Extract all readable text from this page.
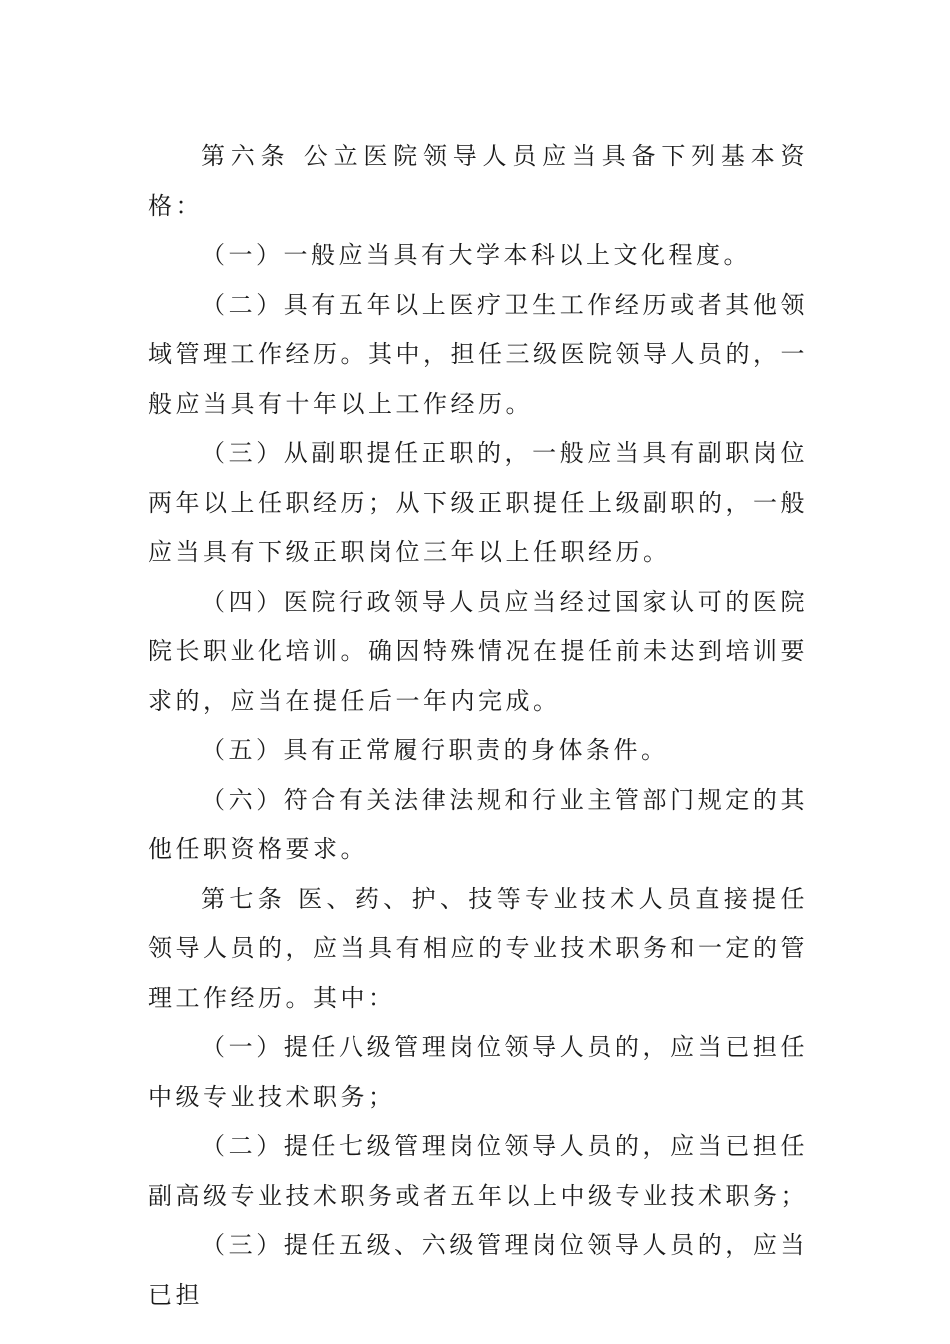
第六条 公立医院领导人员应当具备下列基本资格：

（一）一般应当具有大学本科以上文化程度。

（二）具有五年以上医疗卫生工作经历或者其他领域管理工作经历。其中，担任三级医院领导人员的，一般应当具有十年以上工作经历。

（三）从副职提任正职的，一般应当具有副职岗位两年以上任职经历；从下级正职提任上级副职的，一般应当具有下级正职岗位三年以上任职经历。

（四）医院行政领导人员应当经过国家认可的医院院长职业化培训。确因特殊情况在提任前未达到培训要求的，应当在提任后一年内完成。

（五）具有正常履行职责的身体条件。

（六）符合有关法律法规和行业主管部门规定的其他任职资格要求。

第七条 医、药、护、技等专业技术人员直接提任领导人员的，应当具有相应的专业技术职务和一定的管理工作经历。其中：

（一）提任八级管理岗位领导人员的，应当已担任中级专业技术职务；

（二）提任七级管理岗位领导人员的，应当已担任副高级专业技术职务或者五年以上中级专业技术职务；

（三）提任五级、六级管理岗位领导人员的，应当已担
